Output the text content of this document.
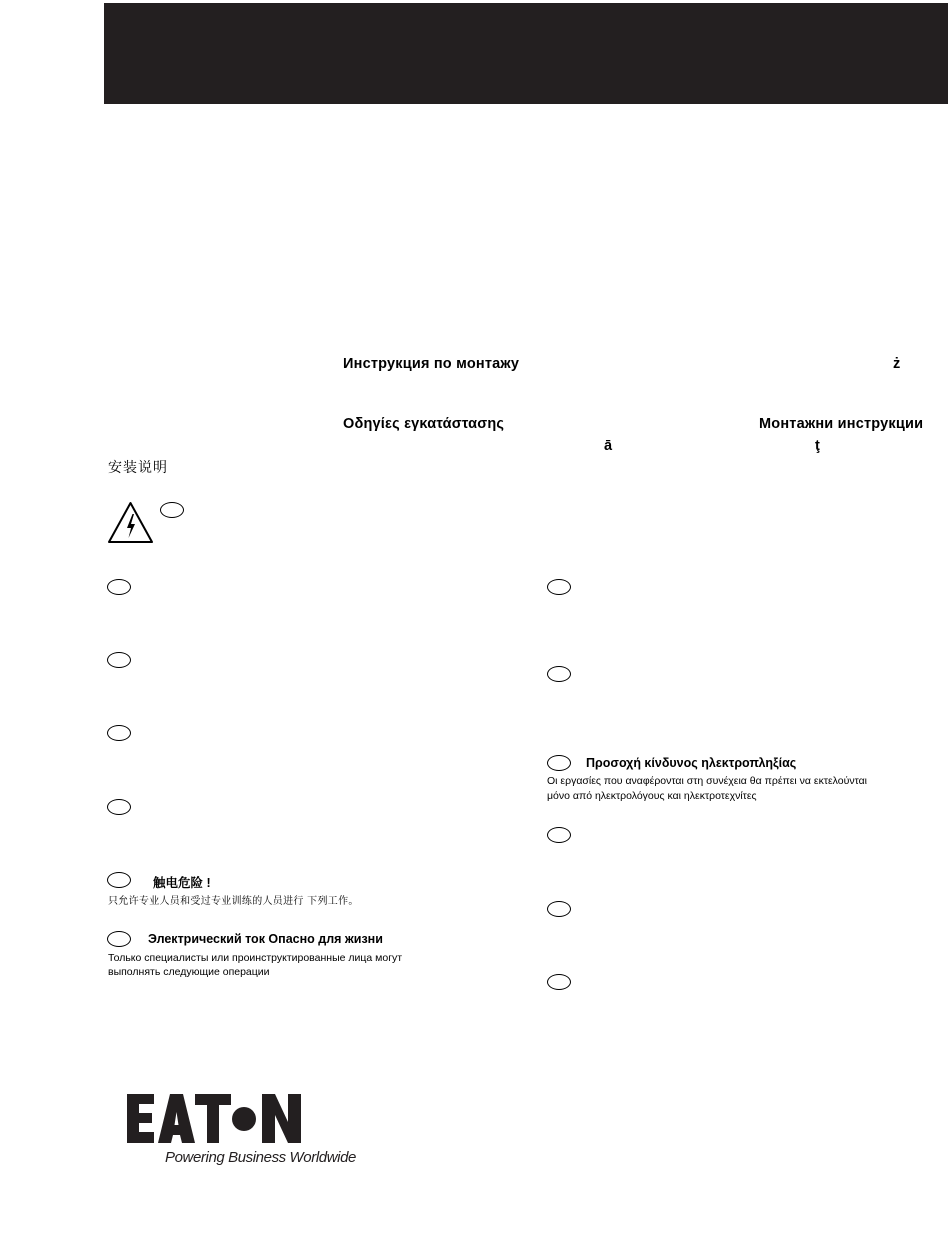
Инструкция по монтажу	ż
Οδηγίες εγκατάστασης	Монтажни инструкции
ā	ţ
安装说明
触电危险 !
只允许专业人员和受过专业训练的人员进行 下列工作。
Электрический ток Опасно для жизни
Только специалисты или проинструктированные лица могут
выполнять следующие операции
Προσοχή κίνδυνος ηλεκτροπληξίας
Οι εργασίες που αναφέρονται στη συνέχεια θα πρέπει να εκτελούνται
μόνο από ηλεκτρολόγους και ηλεκτροτεχνίτες
Powering Business Worldwide
